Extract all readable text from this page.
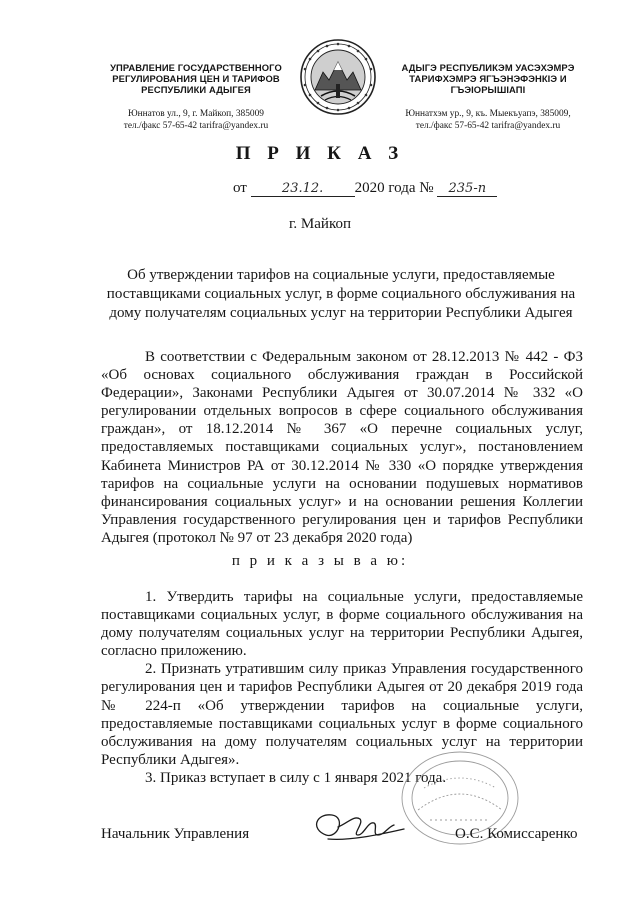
УПРАВЛЕНИЕ ГОСУДАРСТВЕННОГО
РЕГУЛИРОВАНИЯ ЦЕН И ТАРИФОВ
РЕСПУБЛИКИ АДЫГЕЯ
Юннатов ул., 9, г. Майкоп, 385009
тел./факс 57-65-42 tarifra@yandex.ru
АДЫГЭ РЕСПУБЛИКЭМ УАСЭХЭМРЭ
ТАРИФХЭМРЭ ЯГЪЭНЭФЭНКIЭ И
ГЪЭIОРЫШIАПI
Юннатхэм ур., 9, къ. Мыекъуапэ, 385009,
тел./факс 57-65-42 tarifra@yandex.ru
П Р И К А З
от	23.12. 2020 года № 235-п
г. Майкоп
Об утверждении тарифов на социальные услуги, предоставляемые поставщиками социальных услуг, в форме социального обслуживания на дому получателям социальных услуг на территории Республики Адыгея
В соответствии с Федеральным законом от 28.12.2013 № 442 - ФЗ «Об основах социального обслуживания граждан в Российской Федерации», Законами Республики Адыгея от 30.07.2014 № 332 «О регулировании отдельных вопросов в сфере социального обслуживания граждан», от 18.12.2014 № 367 «О перечне социальных услуг, предоставляемых поставщиками социальных услуг», постановлением Кабинета Министров РА от 30.12.2014 № 330 «О порядке утверждения тарифов на социальные услуги на основании подушевых нормативов финансирования социальных услуг» и на основании решения Коллегии Управления государственного регулирования цен и тарифов Республики Адыгея (протокол № 97 от 23 декабря 2020 года)
п р и к а з ы в а ю:

1. Утвердить тарифы на социальные услуги, предоставляемые поставщиками социальных услуг, в форме социального обслуживания на дому получателям социальных услуг на территории Республики Адыгея, согласно приложению.

2. Признать утратившим силу приказ Управления государственного регулирования цен и тарифов Республики Адыгея от 20 декабря 2019 года № 224-п «Об утверждении тарифов на социальные услуги, предоставляемые поставщиками социальных услуг в форме социального обслуживания на дому получателям социальных услуг на территории Республики Адыгея».

3. Приказ вступает в силу с 1 января 2021 года.

Начальник Управления	О.С. Комиссаренко
